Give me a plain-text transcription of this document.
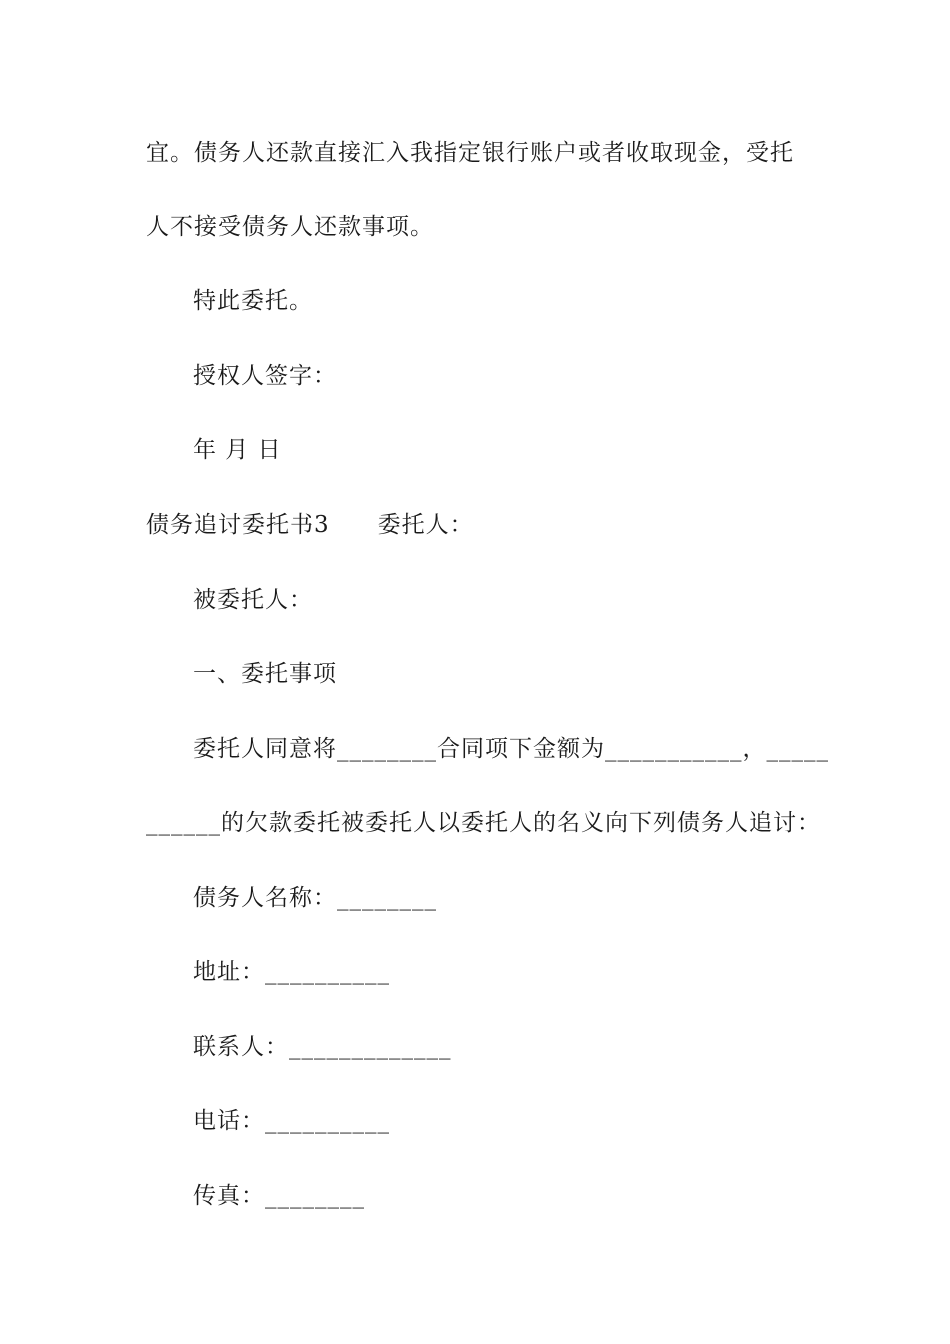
宜。债务人还款直接汇入我指定银行账户或者收取现金，受托
人不接受债务人还款事项。
特此委托。
授权人签字：
年 月 日
债务追讨委托书3 委托人：
被委托人：
一、委托事项
委托人同意将________合同项下金额为___________，_____
______的欠款委托被委托人以委托人的名义向下列债务人追讨：
债务人名称：________
地址：__________
联系人：_____________
电话：__________
传真：________
